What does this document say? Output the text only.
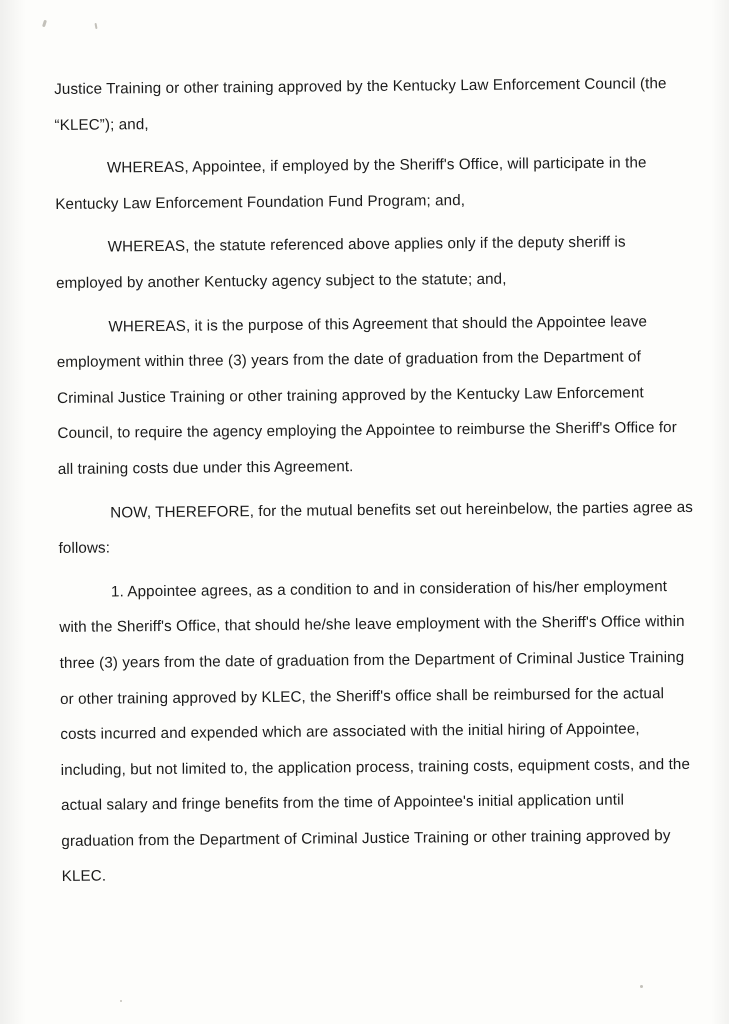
Justice Training or other training approved by the Kentucky Law Enforcement Council (the “KLEC”); and,

WHEREAS, Appointee, if employed by the Sheriff's Office, will participate in the Kentucky Law Enforcement Foundation Fund Program; and,

WHEREAS, the statute referenced above applies only if the deputy sheriff is employed by another Kentucky agency subject to the statute; and,

WHEREAS, it is the purpose of this Agreement that should the Appointee leave employment within three (3) years from the date of graduation from the Department of Criminal Justice Training or other training approved by the Kentucky Law Enforcement Council, to require the agency employing the Appointee to reimburse the Sheriff's Office for all training costs due under this Agreement.

NOW, THEREFORE, for the mutual benefits set out hereinbelow, the parties agree as follows:

1. Appointee agrees, as a condition to and in consideration of his/her employment with the Sheriff's Office, that should he/she leave employment with the Sheriff's Office within three (3) years from the date of graduation from the Department of Criminal Justice Training or other training approved by KLEC, the Sheriff's office shall be reimbursed for the actual costs incurred and expended which are associated with the initial hiring of Appointee, including, but not limited to, the application process, training costs, equipment costs, and the actual salary and fringe benefits from the time of Appointee's initial application until graduation from the Department of Criminal Justice Training or other training approved by KLEC.
